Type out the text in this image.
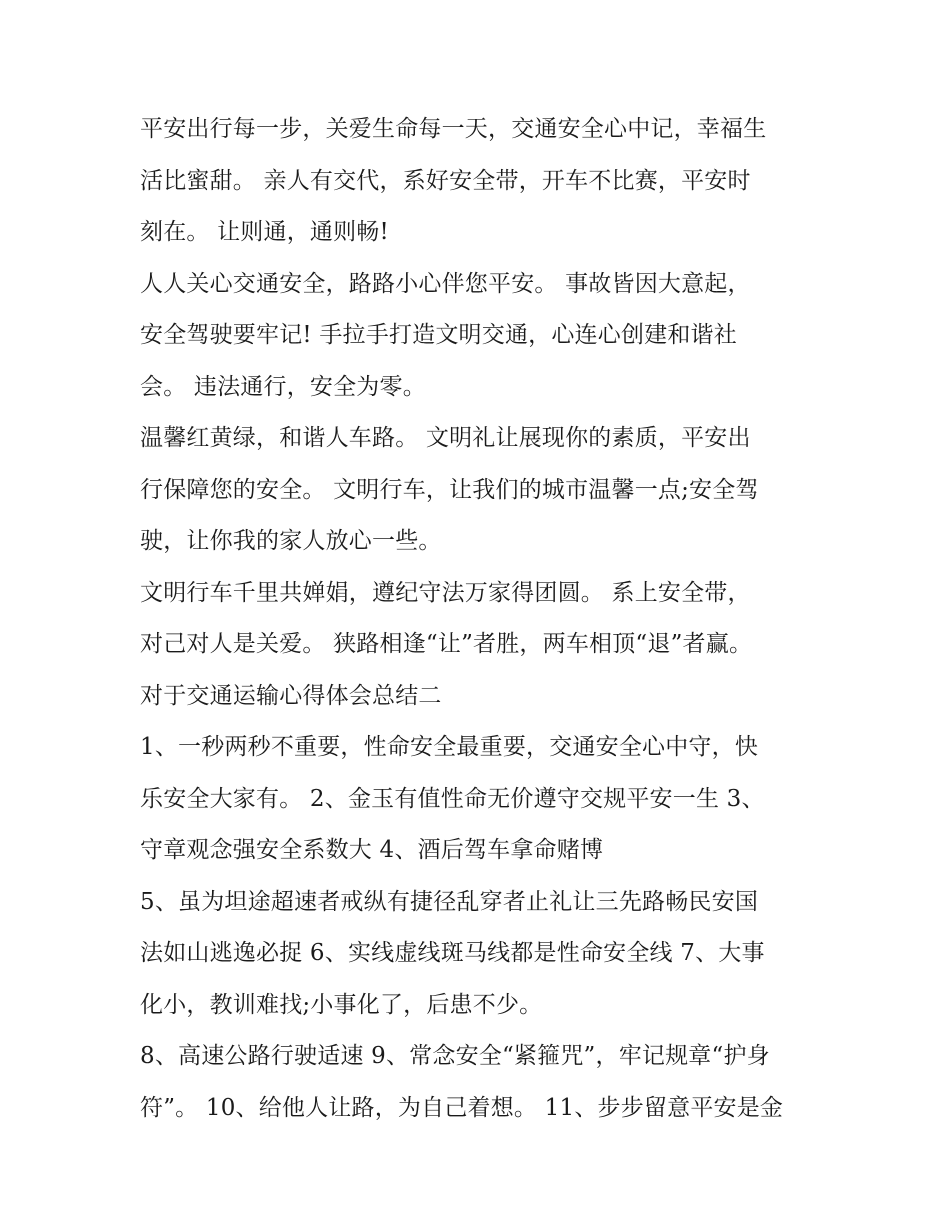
平安出行每一步，关爱生命每一天，交通安全心中记，幸福生
活比蜜甜。 亲人有交代，系好安全带，开车不比赛，平安时
刻在。 让则通，通则畅!
人人关心交通安全，路路小心伴您平安。 事故皆因大意起，
安全驾驶要牢记! 手拉手打造文明交通，心连心创建和谐社
会。 违法通行，安全为零。
温馨红黄绿，和谐人车路。 文明礼让展现你的素质，平安出
行保障您的安全。 文明行车，让我们的城市温馨一点;安全驾
驶，让你我的家人放心一些。
文明行车千里共婵娟，遵纪守法万家得团圆。 系上安全带，
对己对人是关爱。 狭路相逢“让”者胜，两车相顶“退”者赢。
对于交通运输心得体会总结二
1、一秒两秒不重要，性命安全最重要，交通安全心中守，快
乐安全大家有。 2、金玉有值性命无价遵守交规平安一生 3、
守章观念强安全系数大 4、酒后驾车拿命赌博
5、虽为坦途超速者戒纵有捷径乱穿者止礼让三先路畅民安国
法如山逃逸必捉 6、实线虚线斑马线都是性命安全线 7、大事
化小，教训难找;小事化了，后患不少。
8、高速公路行驶适速 9、常念安全“紧箍咒”，牢记规章“护身
符”。 10、给他人让路，为自己着想。 11、步步留意平安是金
